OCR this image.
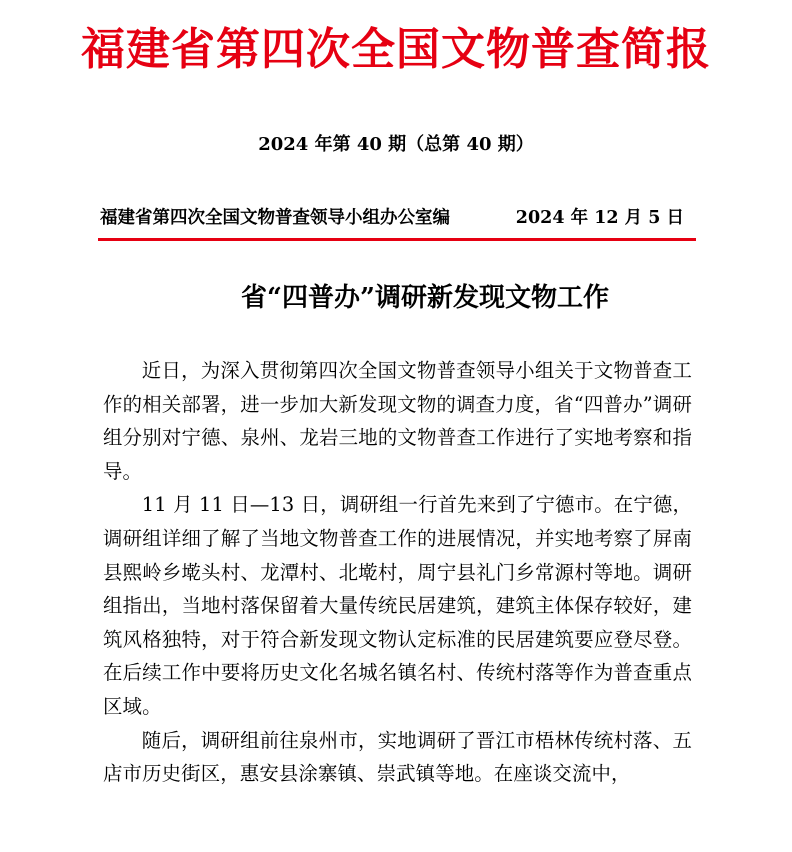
福建省第四次全国文物普查简报
2024 年第 40 期（总第 40 期）
福建省第四次全国文物普查领导小组办公室编	2024 年 12 月 5 日
省“四普办”调研新发现文物工作

近日，为深入贯彻第四次全国文物普查领导小组关于文物普查工作的相关部署，进一步加大新发现文物的调查力度，省“四普办”调研组分别对宁德、泉州、龙岩三地的文物普查工作进行了实地考察和指导。

11 月 11 日—13 日，调研组一行首先来到了宁德市。在宁德，调研组详细了解了当地文物普查工作的进展情况，并实地考察了屏南县熙岭乡墘头村、龙潭村、北墘村，周宁县礼门乡常源村等地。调研组指出，当地村落保留着大量传统民居建筑，建筑主体保存较好，建筑风格独特，对于符合新发现文物认定标准的民居建筑要应登尽登。在后续工作中要将历史文化名城名镇名村、传统村落等作为普查重点区域。

随后，调研组前往泉州市，实地调研了晋江市梧林传统村落、五店市历史街区，惠安县涂寨镇、崇武镇等地。在座谈交流中，
